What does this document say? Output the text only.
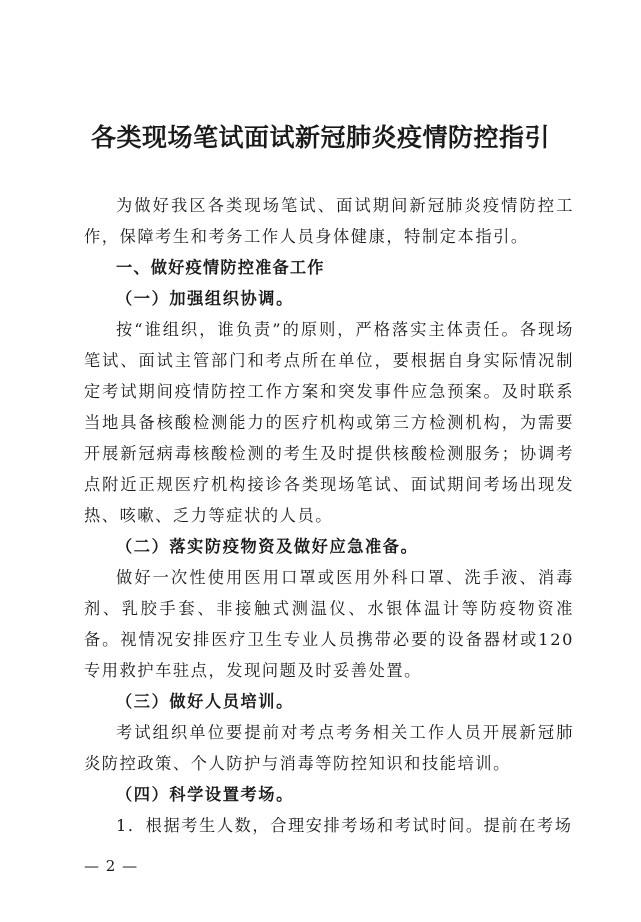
各类现场笔试面试新冠肺炎疫情防控指引

为做好我区各类现场笔试、面试期间新冠肺炎疫情防控工作，保障考生和考务工作人员身体健康，特制定本指引。

一、做好疫情防控准备工作

（一）加强组织协调。

按“谁组织，谁负责”的原则，严格落实主体责任。各现场笔试、面试主管部门和考点所在单位，要根据自身实际情况制定考试期间疫情防控工作方案和突发事件应急预案。及时联系当地具备核酸检测能力的医疗机构或第三方检测机构，为需要开展新冠病毒核酸检测的考生及时提供核酸检测服务；协调考点附近正规医疗机构接诊各类现场笔试、面试期间考场出现发热、咳嗽、乏力等症状的人员。

（二）落实防疫物资及做好应急准备。

做好一次性使用医用口罩或医用外科口罩、洗手液、消毒剂、乳胶手套、非接触式测温仪、水银体温计等防疫物资准备。视情况安排医疗卫生专业人员携带必要的设备器材或120专用救护车驻点，发现问题及时妥善处置。

（三）做好人员培训。

考试组织单位要提前对考点考务相关工作人员开展新冠肺炎防控政策、个人防护与消毒等防控知识和技能培训。

（四）科学设置考场。

1．根据考生人数，合理安排考场和考试时间。提前在考场

— 2 —
